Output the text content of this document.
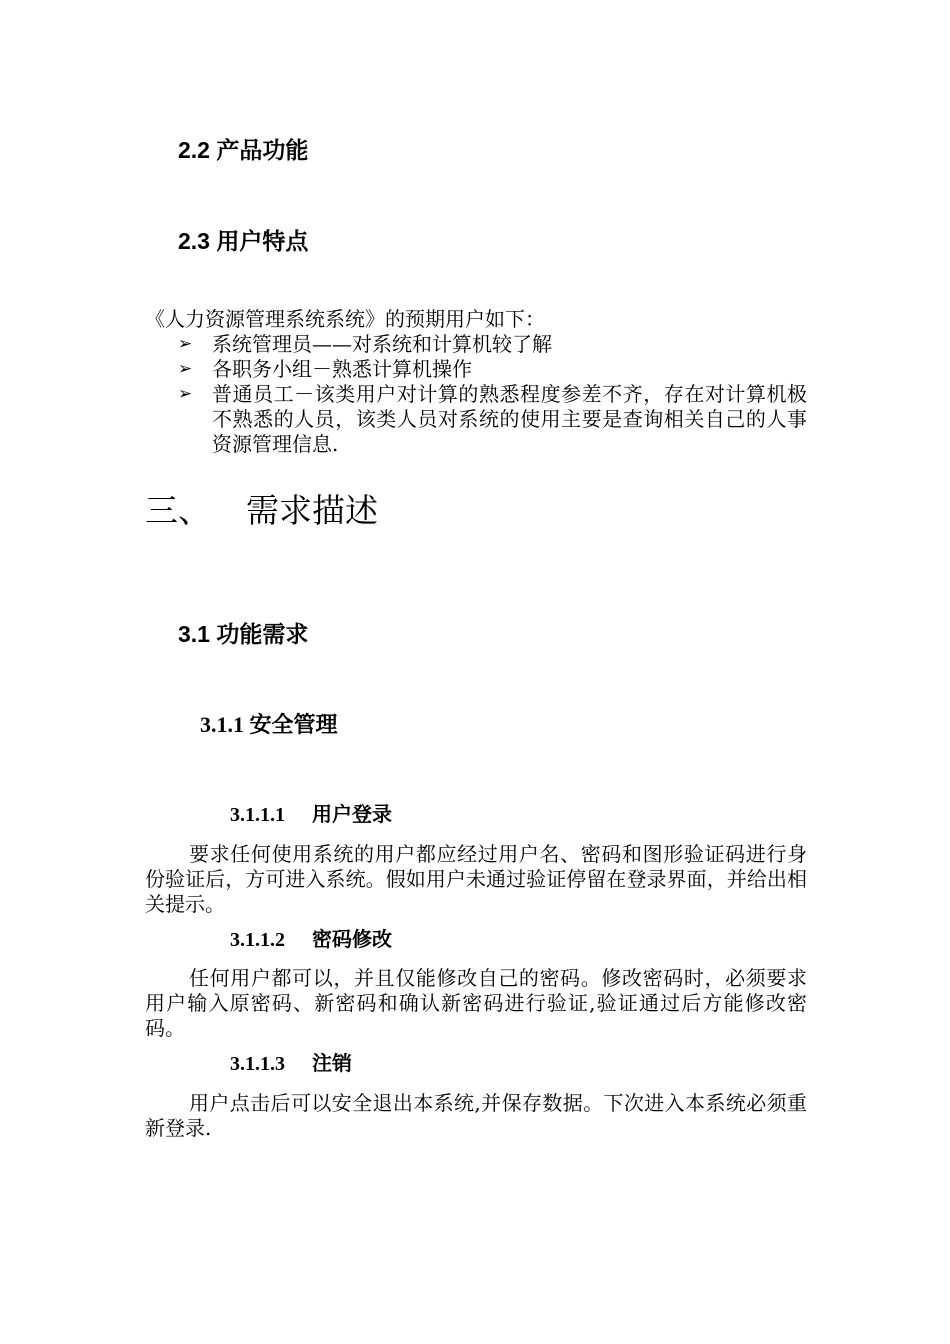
2.2 产品功能
2.3 用户特点
《人力资源管理系统系统》的预期用户如下：
➢ 系统管理员——对系统和计算机较了解
➢ 各职务小组－熟悉计算机操作
➢ 普通员工－该类用户对计算的熟悉程度参差不齐，存在对计算机极不熟悉的人员，该类人员对系统的使用主要是查询相关自己的人事资源管理信息.
三、 需求描述
3.1 功能需求
3.1.1 安全管理
3.1.1.1 用户登录
要求任何使用系统的用户都应经过用户名、密码和图形验证码进行身份验证后，方可进入系统。假如用户未通过验证停留在登录界面，并给出相关提示。
3.1.1.2 密码修改
任何用户都可以，并且仅能修改自己的密码。修改密码时，必须要求用户输入原密码、新密码和确认新密码进行验证,验证通过后方能修改密码。
3.1.1.3 注销
用户点击后可以安全退出本系统,并保存数据。下次进入本系统必须重新登录.
